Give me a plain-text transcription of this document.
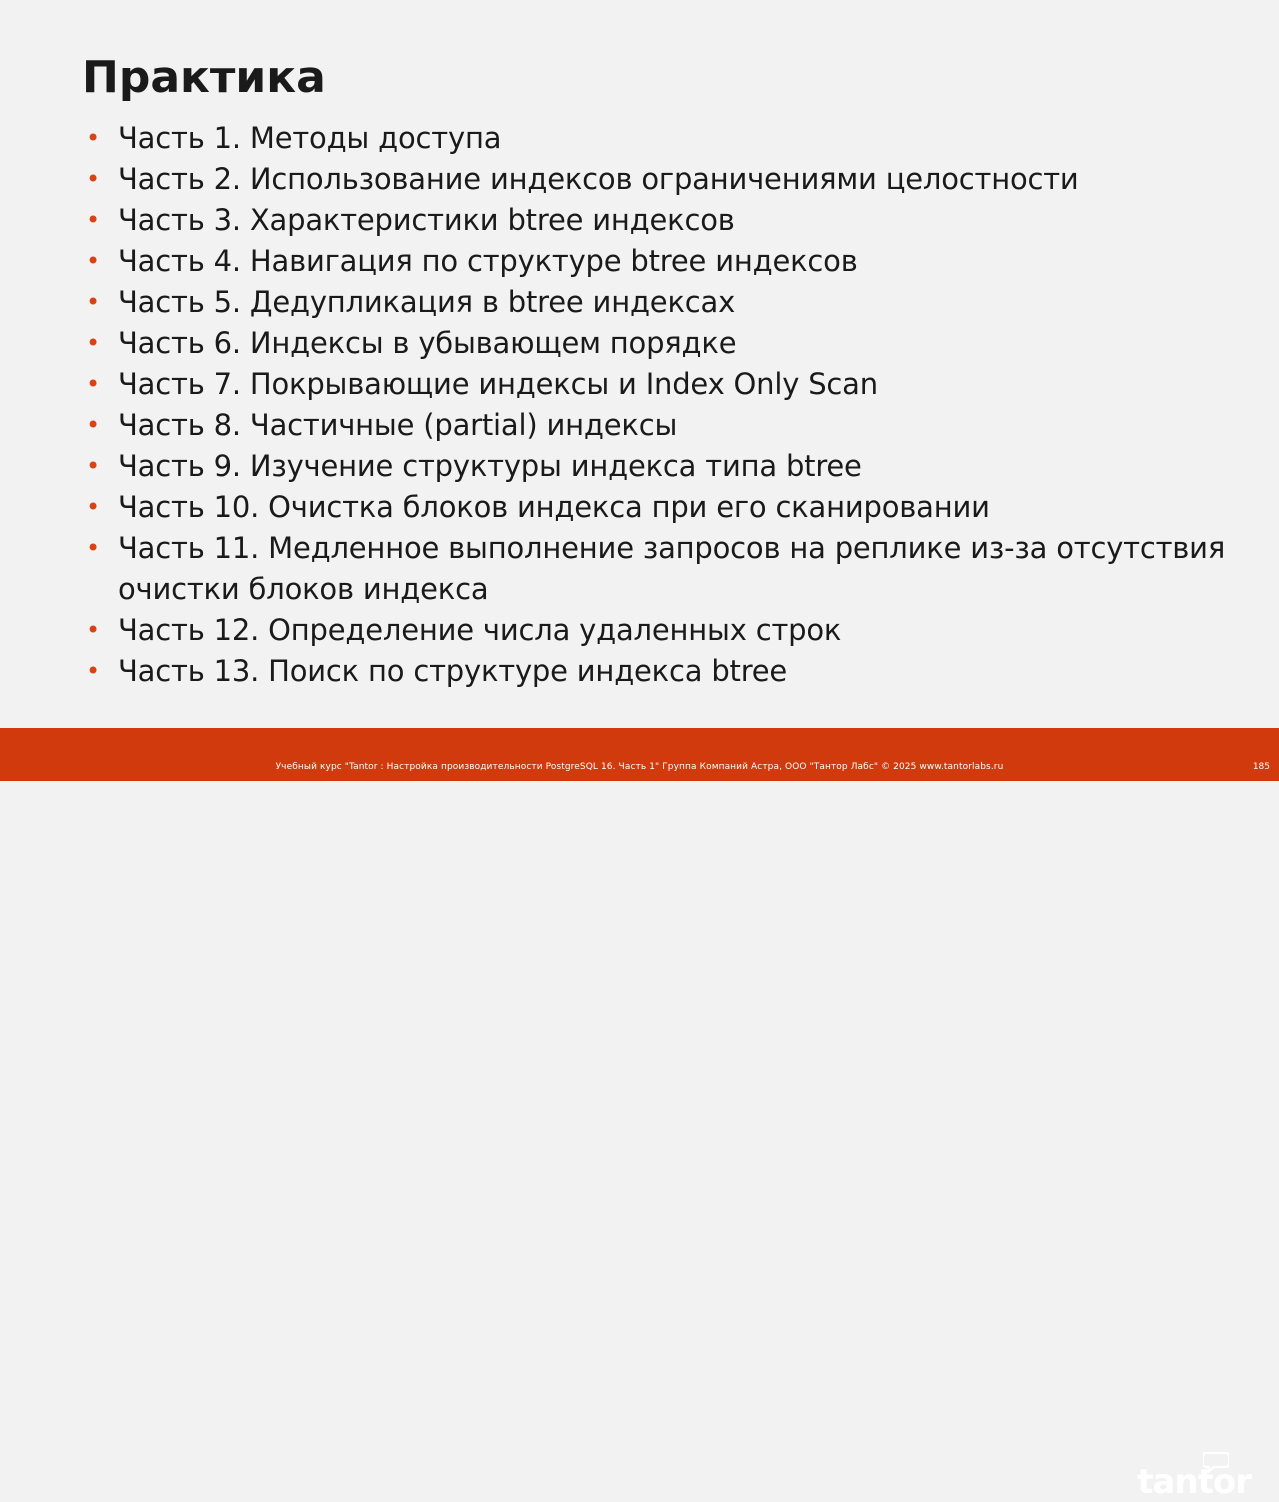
Практика
• Часть 1. Методы доступа
• Часть 2. Использование индексов ограничениями целостности
• Часть 3. Характеристики btree индексов
• Часть 4. Навигация по структуре btree индексов
• Часть 5. Дедупликация в btree индексах
• Часть 6. Индексы в убывающем порядке
• Часть 7. Покрывающие индексы и Index Only Scan
• Часть 8. Частичные (partial) индексы
• Часть 9. Изучение структуры индекса типа btree
• Часть 10. Очистка блоков индекса при его сканировании
• Часть 11. Медленное выполнение запросов на реплике из-за отсутствия очистки блоков индекса
• Часть 12. Определение числа удаленных строк
• Часть 13. Поиск по структуре индекса btree
Учебный курс "Tantor : Настройка производительности PostgreSQL 16. Часть 1" Группа Компаний Астра, ООО "Тантор Лабс" © 2025 www.tantorlabs.ru	185
tantor
